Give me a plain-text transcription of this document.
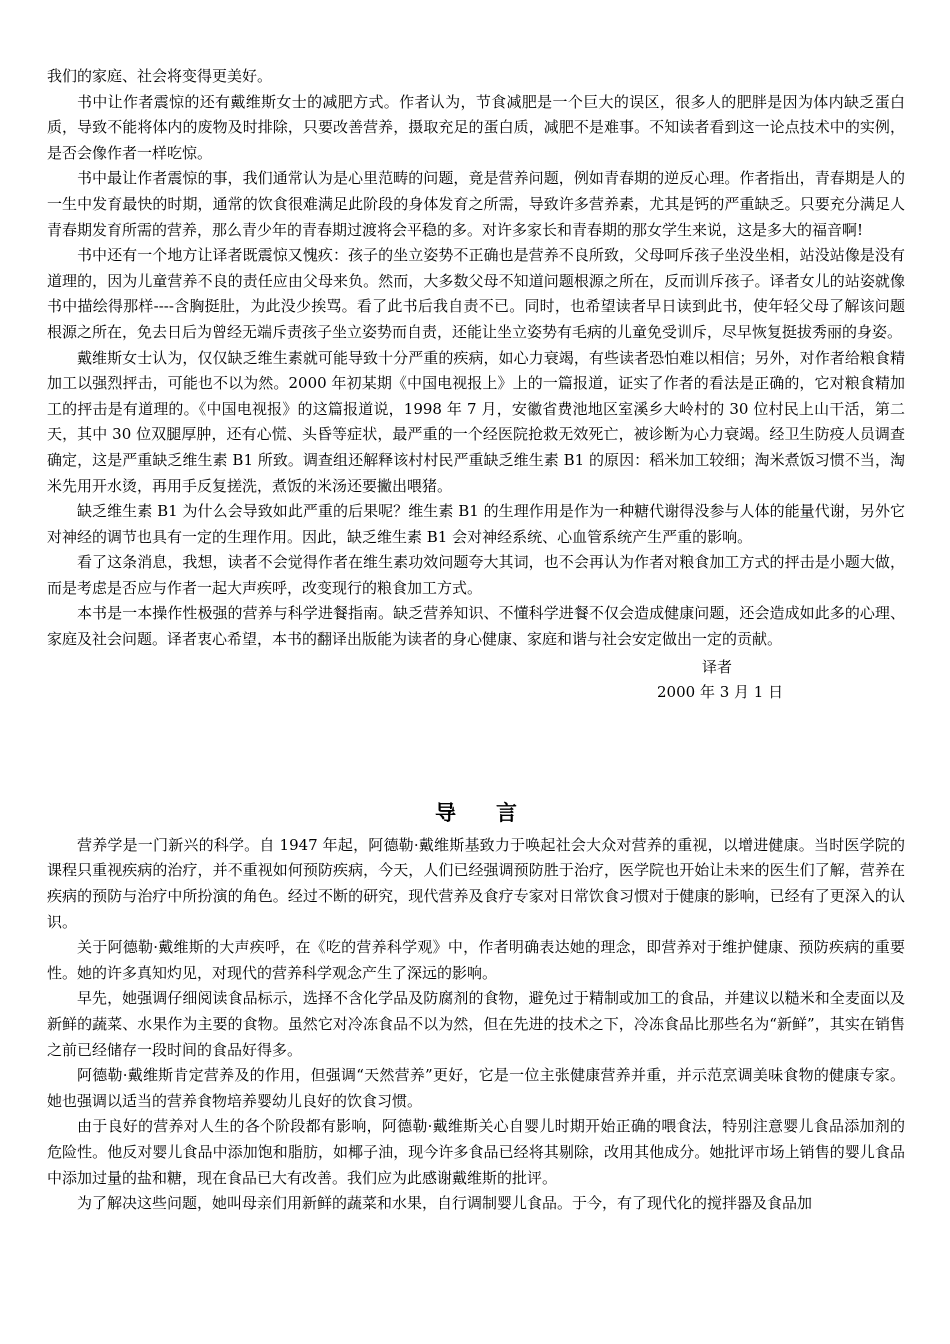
我们的家庭、社会将变得更美好。

书中让作者震惊的还有戴维斯女士的减肥方式。作者认为，节食减肥是一个巨大的误区，很多人的肥胖是因为体内缺乏蛋白质，导致不能将体内的废物及时排除，只要改善营养，摄取充足的蛋白质，减肥不是难事。不知读者看到这一论点技术中的实例，是否会像作者一样吃惊。

书中最让作者震惊的事，我们通常认为是心里范畴的问题，竟是营养问题，例如青春期的逆反心理。作者指出，青春期是人的一生中发育最快的时期，通常的饮食很难满足此阶段的身体发育之所需，导致许多营养素，尤其是钙的严重缺乏。只要充分满足人青春期发育所需的营养，那么青少年的青春期过渡将会平稳的多。对许多家长和青春期的那女学生来说，这是多大的福音啊!

书中还有一个地方让译者既震惊又愧疚：孩子的坐立姿势不正确也是营养不良所致，父母呵斥孩子坐没坐相，站没站像是没有道理的，因为儿童营养不良的责任应由父母来负。然而，大多数父母不知道问题根源之所在，反而训斥孩子。译者女儿的站姿就像书中描绘得那样----含胸挺肚，为此没少挨骂。看了此书后我自责不已。同时，也希望读者早日读到此书，使年轻父母了解该问题根源之所在，免去日后为曾经无端斥责孩子坐立姿势而自责，还能让坐立姿势有毛病的儿童免受训斥，尽早恢复挺拔秀丽的身姿。

戴维斯女士认为，仅仅缺乏维生素就可能导致十分严重的疾病，如心力衰竭，有些读者恐怕难以相信；另外，对作者给粮食精加工以强烈抨击，可能也不以为然。2000 年初某期《中国电视报上》上的一篇报道，证实了作者的看法是正确的，它对粮食精加工的抨击是有道理的。《中国电视报》的这篇报道说，1998 年 7 月，安徽省费池地区室溪乡大岭村的 30 位村民上山干活，第二天，其中 30 位双腿厚肿，还有心慌、头昏等症状，最严重的一个经医院抢救无效死亡，被诊断为心力衰竭。经卫生防疫人员调查确定，这是严重缺乏维生素 B1 所致。调查组还解释该村村民严重缺乏维生素 B1 的原因：稻米加工较细；淘米煮饭习惯不当，淘米先用开水烫，再用手反复搓洗，煮饭的米汤还要撇出喂猪。

缺乏维生素 B1 为什么会导致如此严重的后果呢？维生素 B1 的生理作用是作为一种糖代谢得没参与人体的能量代谢，另外它对神经的调节也具有一定的生理作用。因此，缺乏维生素 B1 会对神经系统、心血管系统产生严重的影响。

看了这条消息，我想，读者不会觉得作者在维生素功效问题夸大其词，也不会再认为作者对粮食加工方式的抨击是小题大做，而是考虑是否应与作者一起大声疾呼，改变现行的粮食加工方式。

本书是一本操作性极强的营养与科学进餐指南。缺乏营养知识、不懂科学进餐不仅会造成健康问题，还会造成如此多的心理、家庭及社会问题。译者衷心希望，本书的翻译出版能为读者的身心健康、家庭和谐与社会安定做出一定的贡献。

译者
2000 年 3 月 1 日
导言

营养学是一门新兴的科学。自 1947 年起，阿德勒·戴维斯基致力于唤起社会大众对营养的重视，以增进健康。当时医学院的课程只重视疾病的治疗，并不重视如何预防疾病，今天，人们已经强调预防胜于治疗，医学院也开始让未来的医生们了解，营养在疾病的预防与治疗中所扮演的角色。经过不断的研究，现代营养及食疗专家对日常饮食习惯对于健康的影响，已经有了更深入的认识。

关于阿德勒·戴维斯的大声疾呼，在《吃的营养科学观》中，作者明确表达她的理念，即营养对于维护健康、预防疾病的重要性。她的许多真知灼见，对现代的营养科学观念产生了深远的影响。

早先，她强调仔细阅读食品标示，选择不含化学品及防腐剂的食物，避免过于精制或加工的食品，并建议以糙米和全麦面以及新鲜的蔬菜、水果作为主要的食物。虽然它对冷冻食品不以为然，但在先进的技术之下，冷冻食品比那些名为“新鲜”，其实在销售之前已经储存一段时间的食品好得多。

阿德勒·戴维斯肯定营养及的作用，但强调“天然营养”更好，它是一位主张健康营养并重，并示范烹调美味食物的健康专家。她也强调以适当的营养食物培养婴幼儿良好的饮食习惯。

由于良好的营养对人生的各个阶段都有影响，阿德勒·戴维斯关心自婴儿时期开始正确的喂食法，特别注意婴儿食品添加剂的危险性。他反对婴儿食品中添加饱和脂肪，如椰子油，现今许多食品已经将其剔除，改用其他成分。她批评市场上销售的婴儿食品中添加过量的盐和糖，现在食品已大有改善。我们应为此感谢戴维斯的批评。

为了解决这些问题，她叫母亲们用新鲜的蔬菜和水果，自行调制婴儿食品。于今，有了现代化的搅拌器及食品加
